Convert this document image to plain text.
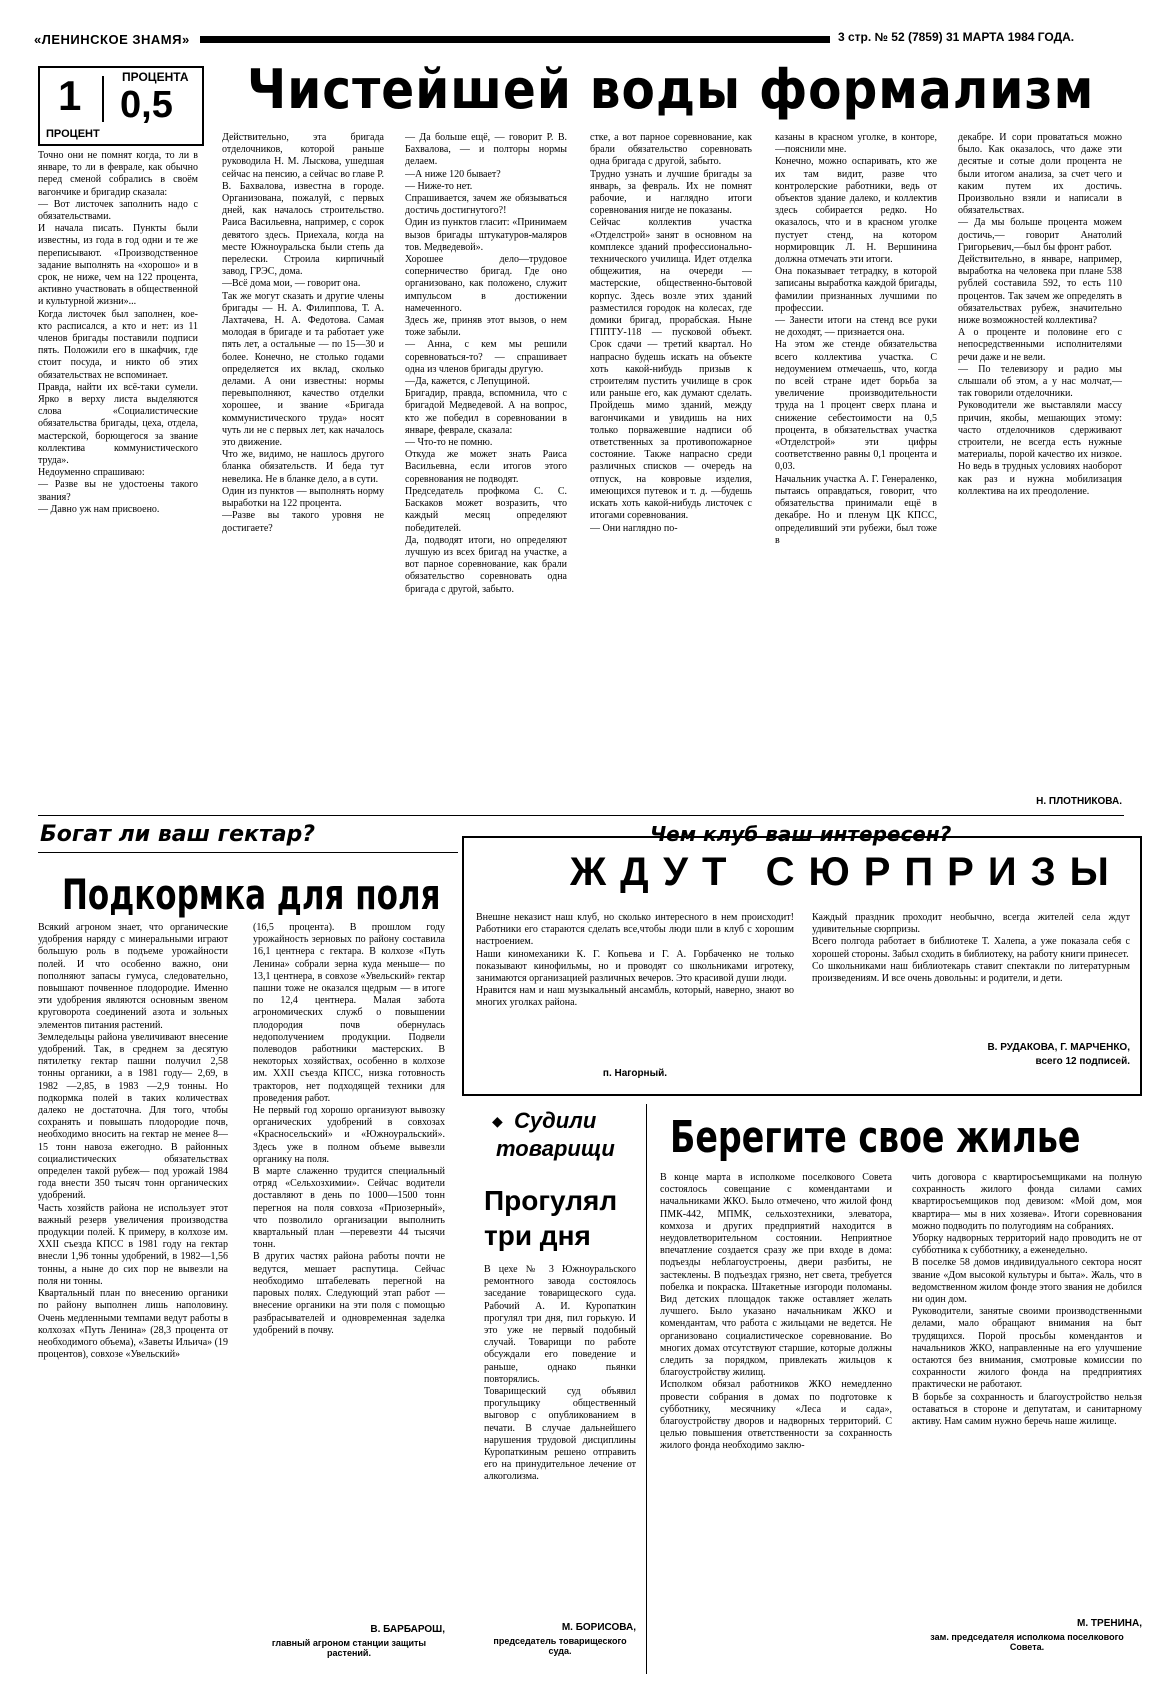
«ЛЕНИНСКОЕ ЗНАМЯ»	3 стр. № 52 (7859) 31 МАРТА 1984 ГОДА.
1
ПРОЦЕНТ
ПРОЦЕНТА
0,5 Чистейшей воды формализм
Точно они не помнят когда, то ли в январе, то ли в феврале, как обычно перед сменой собрались в своём вагончике и бригадир сказала:
— Вот листочек заполнить надо с обязательствами.
И начала писать. Пункты были известны, из года в год одни и те же переписывают. «Производственное задание выполнять на «хорошо» и в срок, не ниже, чем на 122 процента, активно участвовать в общественной и культурной жизни»...
Когда листочек был заполнен, кое-кто расписался, а кто и нет: из 11 членов бригады поставили подписи пять. Положили его в шкафчик, где стоит посуда, и никто об этих обязательствах не вспоминает.
Правда, найти их всё-таки сумели. Ярко в верху листа выделяются слова «Социалистические обязательства бригады, цеха, отдела, мастерской, борющегося за звание коллектива коммунистического труда».
Недоуменно спрашиваю:
— Разве вы не удостоены такого звания?
— Давно уж нам присвоено.
Действительно, эта бригада отделочников, которой раньше руководила Н. М. Лыскова, ушедшая сейчас на пенсию, а сейчас во главе Р. В. Бахвалова, известна в городе. Организована, пожалуй, с первых дней, как началось строительство. Раиса Васильевна, например, с сорок девятого здесь. Приехала, когда на месте Южноуральска были степь да перелески. Строила кирпичный завод, ГРЭС, дома.
—Всё дома мои, — говорит она.
Так же могут сказать и другие члены бригады — Н. А. Филиппова, Т. А. Лахтачева, Н. А. Федотова. Самая молодая в бригаде и та работает уже пять лет, а остальные — по 15—30 и более. Конечно, не столько годами определяется их вклад, сколько делами. А они известны: нормы перевыполняют, качество отделки хорошее, и звание «Бригада коммунистического труда» носят чуть ли не с первых лет, как началось это движение.
Что же, видимо, не нашлось другого бланка обязательств. И беда тут невелика. Не в бланке дело, а в сути.
Один из пунктов — выполнять норму выработки на 122 процента.
—Разве вы такого уровня не достигаете?
— Да больше ещё, — говорит Р. В. Бахвалова, — и полторы нормы делаем.
—А ниже 120 бывает?
— Ниже-то нет.
Спрашивается, зачем же обязываться достичь достигнутого?!
Один из пунктов гласит: «Принимаем вызов бригады штукатуров-маляров тов. Медведевой».
Хорошее дело—трудовое соперничество бригад. Где оно организовано, как положено, служит импульсом в достижении намеченного.
Здесь же, приняв этот вызов, о нем тоже забыли.
— Анна, с кем мы решили соревноваться-то? — спрашивает одна из членов бригады другую.
—Да, кажется, с Лепущиной.
Бригадир, правда, вспомнила, что с бригадой Медведевой. А на вопрос, кто же победил в соревновании в январе, феврале, сказала:
— Что-то не помню.
Откуда же может знать Раиса Васильевна, если итогов этого соревнования не подводят.
Председатель профкома С. С. Баскаков может возразить, что каждый месяц определяют победителей.
Да, подводят итоги, но определяют лучшую из всех бригад на участке, а вот парное соревнование, как брали обязательство соревновать одна бригада с другой, забыто.
стке, а вот парное соревнование, как брали обязательство соревновать одна бригада с другой, забыто.
Трудно узнать и лучшие бригады за январь, за февраль. Их не помнят рабочие, и наглядно итоги соревнования нигде не показаны.
Сейчас коллектив участка «Отделстрой» занят в основном на комплексе зданий профессионально-технического училища. Идет отделка общежития, на очереди — мастерские, общественно-бытовой корпус. Здесь возле этих зданий разместился городок на колесах, где домики бригад, прорабская. Ныне ГППТУ-118 — пусковой объект. Срок сдачи — третий квартал. Но напрасно будешь искать на объекте хоть какой-нибудь призыв к строителям пустить училище в срок или раньше его, как думают сделать. Пройдешь мимо зданий, между вагончиками и увидишь на них только порважевшие надписи об ответственных за противопожарное состояние. Также напрасно среди различных списков — очередь на отпуск, на ковровые изделия, имеющихся путевок и т. д. —будешь искать хоть какой-нибудь листочек с итогами соревнования.
— Они наглядно по-
казаны в красном уголке, в конторе,—пояснили мне.
Конечно, можно оспаривать, кто же их там видит, разве что контролерские работники, ведь от объектов здание далеко, и коллектив здесь собирается редко. Но оказалось, что и в красном уголке пустует стенд, на котором нормировщик Л. Н. Вершинина должна отмечать эти итоги.
Она показывает тетрадку, в которой записаны выработка каждой бригады, фамилии признанных лучшими по профессии.
— Занести итоги на стенд все руки не доходят, — признается она.
На этом же стенде обязательства всего коллектива участка. С недоумением отмечаешь, что, когда по всей стране идет борьба за увеличение производительности труда на 1 процент сверх плана и снижение себестоимости на 0,5 процента, в обязательствах участка «Отделстрой» эти цифры соответственно равны 0,1 процента и 0,03.
Начальник участка А. Г. Генераленко, пытаясь оправдаться, говорит, что обязательства принимали ещё в декабре. Но и пленум ЦК КПСС, определивший эти рубежи, был тоже в
декабре. И сори провататься можно было. Как оказалось, что даже эти десятые и сотые доли процента не были итогом анализа, за счет чего и каким путем их достичь. Произвольно взяли и написали в обязательствах.
— Да мы больше процента можем достичь,— говорит Анатолий Григорьевич,—был бы фронт работ.
Действительно, в январе, например, выработка на человека при плане 538 рублей составила 592, то есть 110 процентов. Так зачем же определять в обязательствах рубеж, значительно ниже возможностей коллектива?
А о проценте и половине его с непосредственными исполнителями речи даже и не вели.
— По телевизору и радио мы слышали об этом, а у нас молчат,— так говорили отделочники.
Руководители же выставляли массу причин, якобы, мешающих этому: часто отделочников сдерживают строители, не всегда есть нужные материалы, порой качество их низкое. Но ведь в трудных условиях наоборот как раз и нужна мобилизация коллектива на их преодоление.
Н. ПЛОТНИКОВА.
Богат ли ваш гектар?
Подкормка для поля
Всякий агроном знает, что органические удобрения наряду с минеральными играют большую роль в подъеме урожайности полей. И что особенно важно, они пополняют запасы гумуса, следовательно, повышают почвенное плодородие. Именно эти удобрения являются основным звеном круговорота соединений азота и зольных элементов питания растений.
Земледельцы района увеличивают внесение удобрений. Так, в среднем за десятую пятилетку гектар пашни получил 2,58 тонны органики, а в 1981 году— 2,69, в 1982 —2,85, в 1983 —2,9 тонны. Но подкормка полей в таких количествах далеко не достаточна. Для того, чтобы сохранять и повышать плодородие почв, необходимо вносить на гектар не менее 8—15 тонн навоза ежегодно. В районных социалистических обязательствах определен такой рубеж— под урожай 1984 года внести 350 тысяч тонн органических удобрений.
Часть хозяйств района не использует этот важный резерв увеличения производства продукции полей. К примеру, в колхозе им. XXII съезда КПСС в 1981 году на гектар внесли 1,96 тонны удобрений, в 1982—1,56 тонны, а ныне до сих пор не вывезли на поля ни тонны.
Квартальный план по внесению органики по району выполнен лишь наполовину. Очень медленными темпами ведут работы в колхозах «Путь Ленина» (28,3 процента от необходимого объема), «Заветы Ильича» (19 процентов), совхозе «Увельский»
(16,5 процента). В прошлом году урожайность зерновых по району составила 16,1 центнера с гектара. В колхозе «Путь Ленина» собрали зерна куда меньше— по 13,1 центнера, в совхозе «Увельский» гектар пашни тоже не оказался щедрым — в итоге по 12,4 центнера. Малая забота агрономических служб о повышении плодородия почв обернулась недополучением продукции. Подвели полеводов работники мастерских. В некоторых хозяйствах, особенно в колхозе им. XXII съезда КПСС, низка готовность тракторов, нет подходящей техники для проведения работ.
Не первый год хорошо организуют вывозку органических удобрений в совхозах «Красносельский» и «Южноуральский». Здесь уже в полном объеме вывезли органику на поля.
В марте слаженно трудится специальный отряд «Сельхозхимии». Сейчас водители доставляют в день по 1000—1500 тонн перегноя на поля совхоза «Приозерный», что позволило организации выполнить квартальный план —перевезти 44 тысячи тонн.
В других частях района работы почти не ведутся, мешает распутица. Сейчас необходимо штабелевать перегной на паровых полях. Следующий этап работ — внесение органики на эти поля с помощью разбрасывателей и одновременная заделка удобрений в почву.
В. БАРБАРОШ,
главный агроном станции защиты растений.
Чем клуб ваш интересен?
ЖДУТ СЮРПРИЗЫ
Внешне неказист наш клуб, но сколько интересного в нем происходит! Работники его стараются сделать все,чтобы люди шли в клуб с хорошим настроением.
Наши киномеханики К. Г. Копьева и Г. А. Горбаченко не только показывают кинофильмы, но и проводят со школьниками игротеку, занимаются организацией различных вечеров. Это красивой души люди.
Нравится нам и наш музыкальный ансамбль, который, наверно, знают во многих уголках района.
п. Нагорный.
Каждый праздник проходит необычно, всегда жителей села ждут удивительные сюрпризы.
Всего полгода работает в библиотеке Т. Халепа, а уже показала себя с хорошей стороны. Забыл сходить в библиотеку, на работу книги принесет.
Со школьниками наш библиотекарь ставит спектакли по литературным произведениям. И все очень довольны: и родители, и дети.
В. РУДАКОВА, Г. МАРЧЕНКО,
всего 12 подписей.
◆ Судили
товарищи
Прогулял
три дня
В цехе № 3 Южноуральского ремонтного завода состоялось заседание товарищеского суда. Рабочий А. И. Куропаткин прогулял три дня, пил горькую. И это уже не первый подобный случай. Товарищи по работе обсуждали его поведение и раньше, однако пьянки повторялись.
Товарищеский суд объявил прогульщику общественный выговор с опубликованием в печати. В случае дальнейшего нарушения трудовой дисциплины Куропаткиным решено отправить его на принудительное лечение от алкоголизма.
М. БОРИСОВА,
председатель товарищеского суда.
Берегите свое жилье
В конце марта в исполкоме поселкового Совета состоялось совещание с комендантами и начальниками ЖКО. Было отмечено, что жилой фонд ПМК-442, МПМК, сельхозтехники, элеватора, комхоза и других предприятий находится в неудовлетворительном состоянии. Неприятное впечатление создается сразу же при входе в дома: подъезды неблагоустроены, двери разбиты, не застеклены. В подъездах грязно, нет света, требуется побелка и покраска. Штакетные изгороди поломаны. Вид детских площадок также оставляет желать лучшего. Было указано начальникам ЖКО и комендантам, что работа с жильцами не ведется. Не организовано социалистическое соревнование. Во многих домах отсутствуют старшие, которые должны следить за порядком, привлекать жильцов к благоустройству жилищ.
Исполком обязал работников ЖКО немедленно провести собрания в домах по подготовке к субботнику, месячнику «Леса и сада», благоустройству дворов и надворных территорий. С целью повышения ответственности за сохранность жилого фонда необходимо заклю-
чить договора с квартиросъемщиками на полную сохранность жилого фонда силами самих квартиросъемщиков под девизом: «Мой дом, моя квартира— мы в них хозяева». Итоги соревнования можно подводить по полугодиям на собраниях.
Уборку надворных территорий надо проводить не от субботника к субботнику, а еженедельно.
В поселке 58 домов индивидуального сектора носят звание «Дом высокой культуры и быта». Жаль, что в ведомственном жилом фонде этого звания не добился ни один дом.
Руководители, занятые своими производственными делами, мало обращают внимания на быт трудящихся. Порой просьбы комендантов и начальников ЖКО, направленные на его улучшение остаются без внимания, смотровые комиссии по сохранности жилого фонда на предприятиях практически не работают.
В борьбе за сохранность и благоустройство нельзя оставаться в стороне и депутатам, и санитарному активу. Нам самим нужно беречь наше жилище.
М. ТРЕНИНА,
зам. председателя исполкома поселкового Совета.
